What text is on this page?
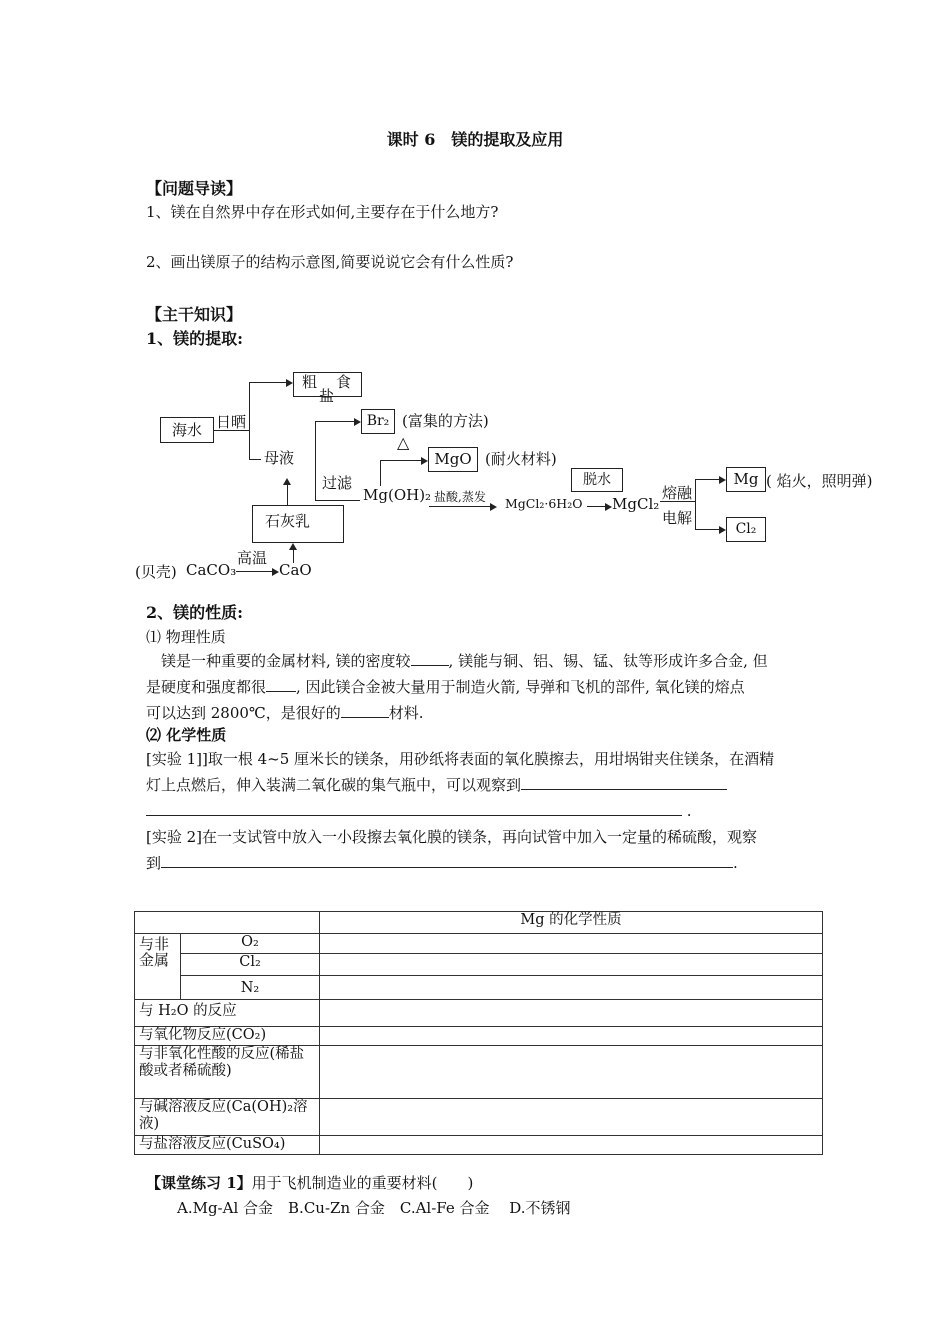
课时 6　镁的提取及应用
【问题导读】
1、镁在自然界中存在形式如何,主要存在于什么地方?
2、画出镁原子的结构示意图,简要说说它会有什么性质?
【主干知识】
1、镁的提取:
海水
粗　食盐
Br₂
MgO
脱水	Mg
Cl₂
石灰乳
日晒	(富集的方法)
△
母液	(耐火材料)
过滤
Mg(OH)₂ 盐酸,蒸发 MgCl₂·6H₂O MgCl₂
熔融
电解
( 焰火，照明弹)
高温
(贝壳) CaCO₃	CaO
2、镁的性质:
⑴ 物理性质
镁是一种重要的金属材料, 镁的密度较	, 镁能与铜、铝、锡、锰、钛等形成许多合金, 但
是硬度和强度都很 , 因此镁合金被大量用于制造火箭, 导弹和飞机的部件, 氧化镁的熔点
可以达到 2800℃，是很好的	材料.
⑵ 化学性质
[实验 1]]取一根 4~5 厘米长的镁条，用砂纸将表面的氧化膜擦去，用坩埚钳夹住镁条，在酒精
灯上点燃后，伸入装满二氧化碳的集气瓶中，可以观察到
.
[实验 2]在一支试管中放入一小段擦去氧化膜的镁条，再向试管中加入一定量的稀硫酸，观察
到	.
		Mg 的化学性质
与非金属	O₂	
	Cl₂	
	N₂	
与 H₂O 的反应		
与氧化物反应(CO₂)		
与非氧化性酸的反应(稀盐酸或者稀硫酸)		
与碱溶液反应(Ca(OH)₂溶液)		
与盐溶液反应(CuSO₄)		
【课堂练习 1】用于飞机制造业的重要材料(　　)
A.Mg-Al 合金　B.Cu-Zn 合金　C.Al-Fe 合金　 D.不锈钢
